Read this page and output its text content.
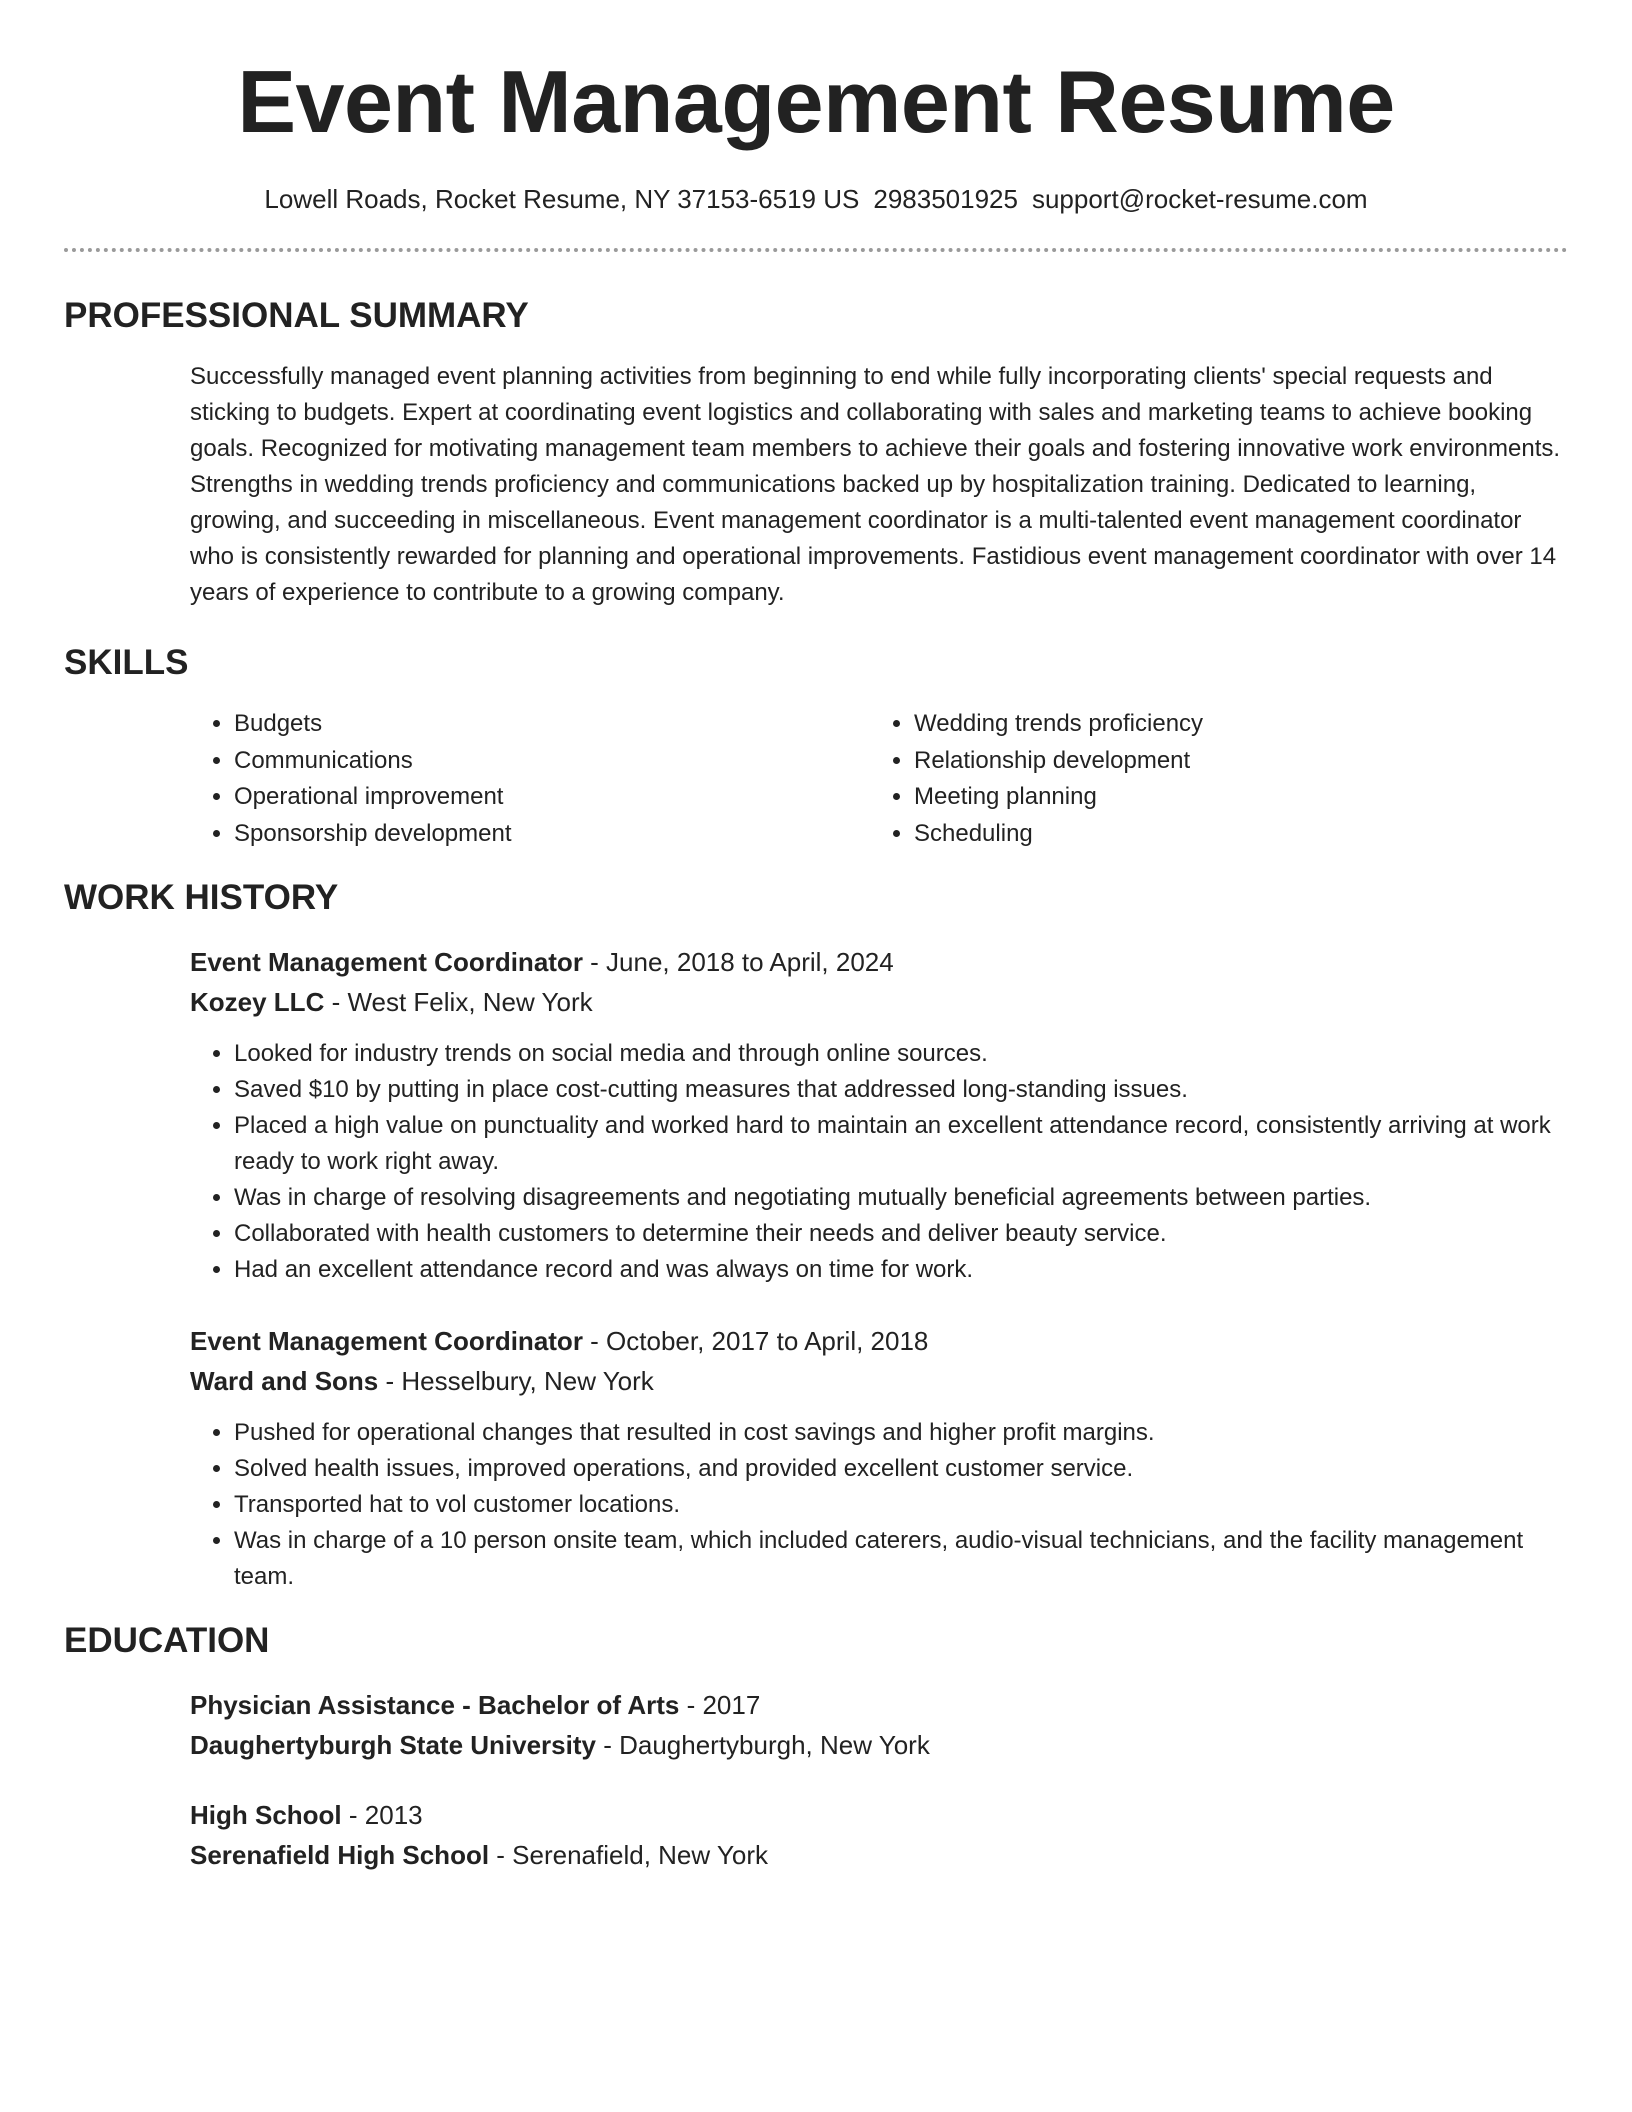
Event Management Resume
Lowell Roads, Rocket Resume, NY 37153-6519 US 2983501925 support@rocket-resume.com
PROFESSIONAL SUMMARY

Successfully managed event planning activities from beginning to end while fully incorporating clients' special requests and sticking to budgets. Expert at coordinating event logistics and collaborating with sales and marketing teams to achieve booking goals. Recognized for motivating management team members to achieve their goals and fostering innovative work environments. Strengths in wedding trends proficiency and communications backed up by hospitalization training. Dedicated to learning, growing, and succeeding in miscellaneous. Event management coordinator is a multi-talented event management coordinator who is consistently rewarded for planning and operational improvements. Fastidious event management coordinator with over 14 years of experience to contribute to a growing company.

SKILLS
• Budgets
• Communications
• Operational improvement
• Sponsorship development
• Wedding trends proficiency
• Relationship development
• Meeting planning
• Scheduling
WORK HISTORY
Event Management Coordinator - June, 2018 to April, 2024
Kozey LLC - West Felix, New York
• Looked for industry trends on social media and through online sources.
• Saved $10 by putting in place cost-cutting measures that addressed long-standing issues.
• Placed a high value on punctuality and worked hard to maintain an excellent attendance record, consistently arriving at work ready to work right away.
• Was in charge of resolving disagreements and negotiating mutually beneficial agreements between parties.
• Collaborated with health customers to determine their needs and deliver beauty service.
• Had an excellent attendance record and was always on time for work.
Event Management Coordinator - October, 2017 to April, 2018
Ward and Sons - Hesselbury, New York
• Pushed for operational changes that resulted in cost savings and higher profit margins.
• Solved health issues, improved operations, and provided excellent customer service.
• Transported hat to vol customer locations.
• Was in charge of a 10 person onsite team, which included caterers, audio-visual technicians, and the facility management team.
EDUCATION
Physician Assistance - Bachelor of Arts - 2017
Daughertyburgh State University - Daughertyburgh, New York
High School - 2013
Serenafield High School - Serenafield, New York
